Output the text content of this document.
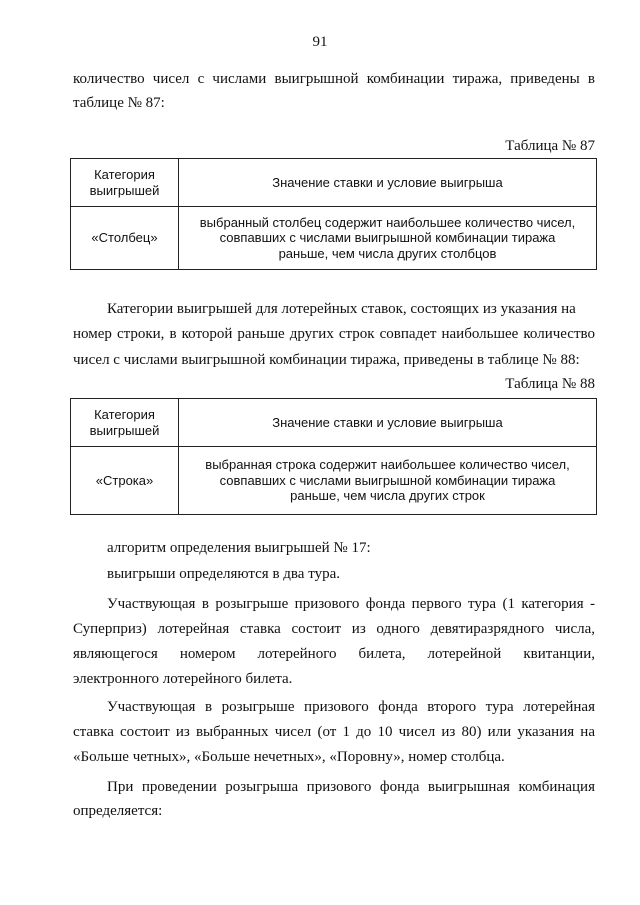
91
количество чисел с числами выигрышной комбинации тиража, приведены в
таблице № 87:
Таблица № 87
Категория
выигрышей	Значение ставки и условие выигрыша
«Столбец»	выбранный столбец содержит наибольшее количество чисел,
совпавших с числами выигрышной комбинации тиража
раньше, чем числа других столбцов
Категории выигрышей для лотерейных ставок, состоящих из указания на
номер строки, в которой раньше других строк совпадет наибольшее количество
чисел с числами выигрышной комбинации тиража, приведены в таблице № 88:
Таблица № 88
Категория
выигрышей	Значение ставки и условие выигрыша
«Строка»	выбранная строка содержит наибольшее количество чисел,
совпавших с числами выигрышной комбинации тиража
раньше, чем числа других строк
алгоритм определения выигрышей № 17:
выигрыши определяются в два тура.
Участвующая в розыгрыше призового фонда первого тура (1 категория -
Суперприз) лотерейная ставка состоит из одного девятиразрядного числа,
являющегося номером лотерейного билета, лотерейной квитанции,
электронного лотерейного билета.
Участвующая в розыгрыше призового фонда второго тура лотерейная
ставка состоит из выбранных чисел (от 1 до 10 чисел из 80) или указания на
«Больше четных», «Больше нечетных», «Поровну», номер столбца.
При проведении розыгрыша призового фонда выигрышная комбинация
определяется:
